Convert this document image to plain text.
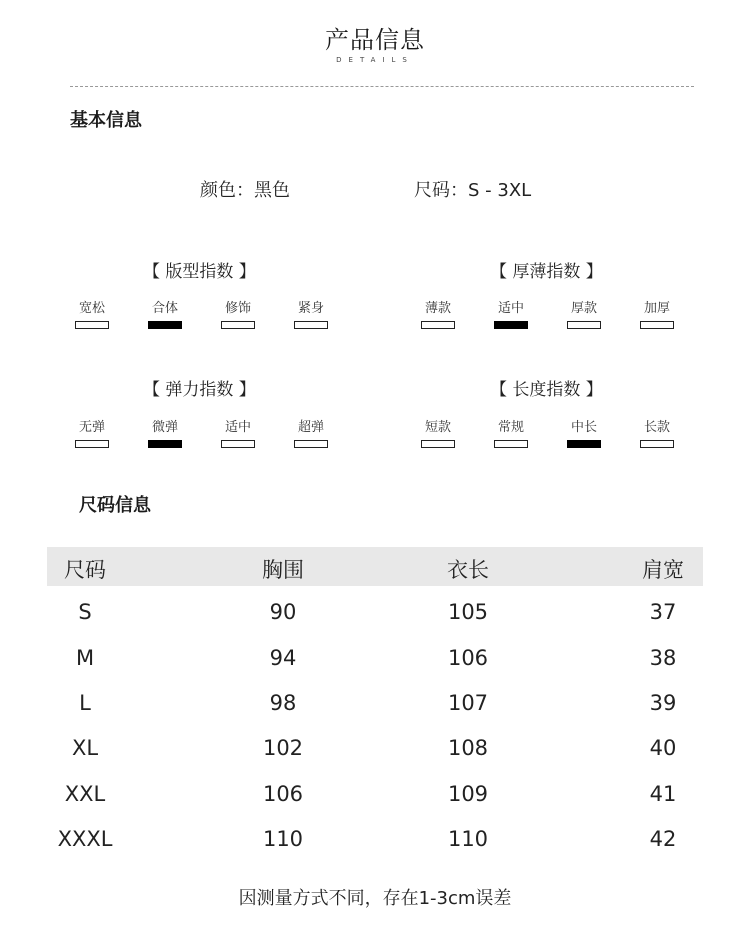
产品信息
DETAILS
基本信息
颜色：黑色	尺码：S - 3XL
【 版型指数 】
宽松	合体	修饰	紧身
【 厚薄指数 】
薄款	适中	厚款	加厚
【 弹力指数 】
无弹	微弹	适中	超弹
【 长度指数 】
短款	常规	中长	长款
尺码信息
尺码	胸围	衣长	肩宽
S	90	105	37
M	94	106	38
L	98	107	39
XL	102	108	40
XXL	106	109	41
XXXL	110	110	42
因测量方式不同，存在1-3cm误差
